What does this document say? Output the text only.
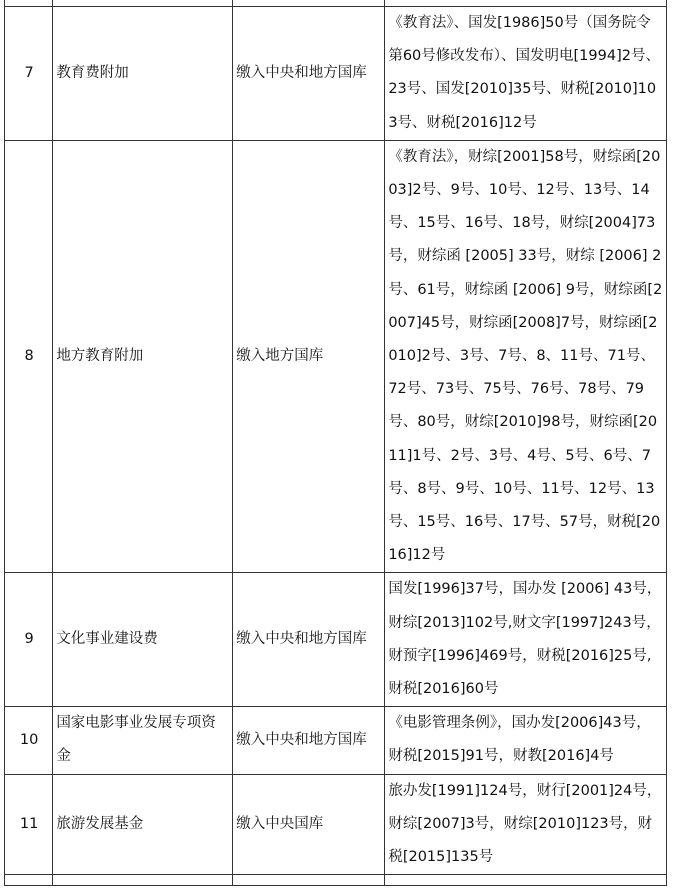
7	教育费附加	缴入中央和地方国库	《教育法》、国发[1986]50号（国务院令第60号修改发布）、国发明电[1994]2号、23号、国发[2010]35号、财税[2010]103号、财税[2016]12号
8	地方教育附加	缴入地方国库	《教育法》，财综[2001]58号，财综函[2003]2号、9号、10号、12号、13号、14号、15号、16号、18号，财综[2004]73号，财综函 [2005] 33号，财综 [2006] 2号、61号，财综函 [2006] 9号，财综函[2007]45号，财综函[2008]7号，财综函[2010]2号、3号、7号、8、11号、71号、72号、73号、75号、76号、78号、79号、80号，财综[2010]98号，财综函[2011]1号、2号、3号、4号、5号、6号、7号、8号、9号、10号、11号、12号、13号、15号、16号、17号、57号，财税[2016]12号
9	文化事业建设费	缴入中央和地方国库	国发[1996]37号，国办发 [2006] 43号，财综[2013]102号,财文字[1997]243号，财预字[1996]469号，财税[2016]25号,财税[2016]60号
10	国家电影事业发展专项资金	缴入中央和地方国库	《电影管理条例》，国办发[2006]43号，财税[2015]91号，财教[2016]4号
11	旅游发展基金	缴入中央国库	旅办发[1991]124号，财行[2001]24号，财综[2007]3号，财综[2010]123号，财税[2015]135号
